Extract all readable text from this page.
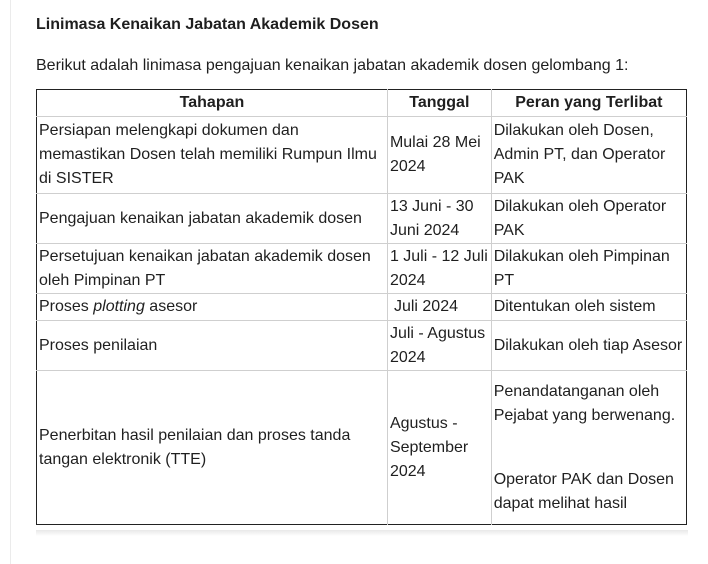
Linimasa Kenaikan Jabatan Akademik Dosen

Berikut adalah linimasa pengajuan kenaikan jabatan akademik dosen gelombang 1:

Tahapan	Tanggal	Peran yang Terlibat
Persiapan melengkapi dokumen dan memastikan Dosen telah memiliki Rumpun Ilmu di SISTER	Mulai 28 Mei 2024	Dilakukan oleh Dosen, Admin PT, dan Operator PAK
Pengajuan kenaikan jabatan akademik dosen	13 Juni - 30 Juni 2024	Dilakukan oleh Operator PAK
Persetujuan kenaikan jabatan akademik dosen oleh Pimpinan PT	1 Juli - 12 Juli 2024	Dilakukan oleh Pimpinan PT
Proses plotting asesor	Juli 2024	Ditentukan oleh sistem
Proses penilaian	Juli - Agustus 2024	Dilakukan oleh tiap Asesor
Penerbitan hasil penilaian dan proses tanda tangan elektronik (TTE)	Agustus - September 2024	Penandatanganan oleh Pejabat yang berwenang.
Operator PAK dan Dosen dapat melihat hasil
